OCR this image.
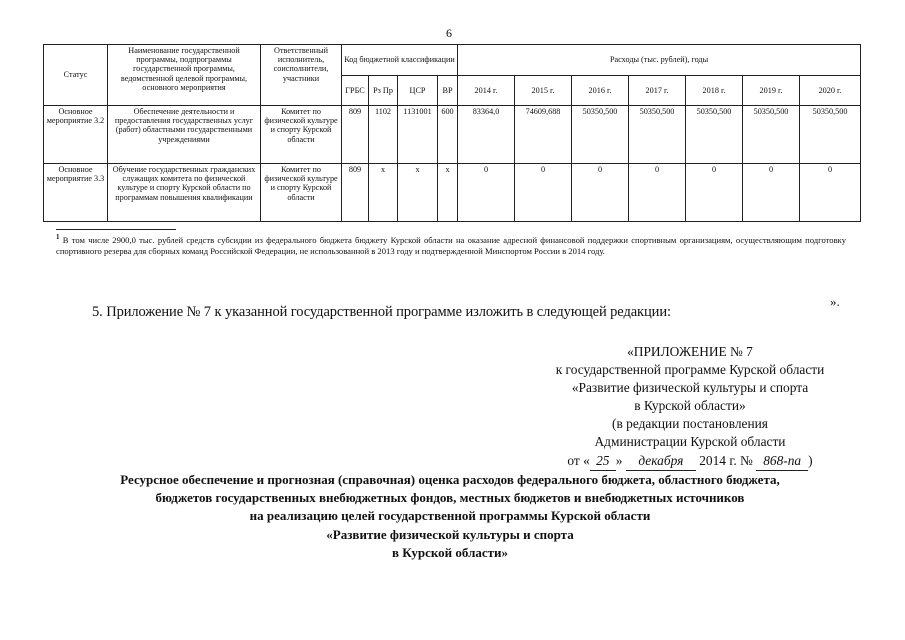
6
Статус	Наименование государственной программы, подпрограммы государственной программы, ведомственной целевой программы, основного мероприятия	Ответственный исполнитель, соисполнители, участники	Код бюджетной классификации				Расходы (тыс. рублей), годы						
			ГРБС	Рз Пр	ЦСР	ВР	2014 г.	2015 г.	2016 г.	2017 г.	2018 г.	2019 г.	2020 г.
Основное мероприятие 3.2	Обеспечение деятельности и предоставления государственных услуг (работ) областными государственными учреждениями	Комитет по физической культуре и спорту Курской области	809	1102	1131001	600	83364,0	74609,688	50350,500	50350,500	50350,500	50350,500	50350,500
Основное мероприятие 3.3	Обучение государственных гражданских служащих комитета по физической культуре и спорту Курской области по программам повышения квалификации	Комитет по физической культуре и спорту Курской области	809	х	х	х	0	0	0	0	0	0	0
$^1$ В том числе 2900,0 тыс. рублей средств субсидии из федерального бюджета бюджету Курской области на оказание адресной финансовой поддержки спортивным организациям, осуществляющим подготовку спортивного резерва для сборных команд Российской Федерации, не использованной в 2013 году и подтвержденной Минспортом России в 2014 году.
».
5. Приложение № 7 к указанной государственной программе изложить в следующей редакции:
«ПРИЛОЖЕНИЕ № 7
к государственной программе Курской области
«Развитие физической культуры и спорта
в Курской области»
(в редакции постановления
Администрации Курской области
от « 25 » декабря 2014 г. № 868-па )
Ресурсное обеспечение и прогнозная (справочная) оценка расходов федерального бюджета, областного бюджета,
бюджетов государственных внебюджетных фондов, местных бюджетов и внебюджетных источников
на реализацию целей государственной программы Курской области
«Развитие физической культуры и спорта
в Курской области»
